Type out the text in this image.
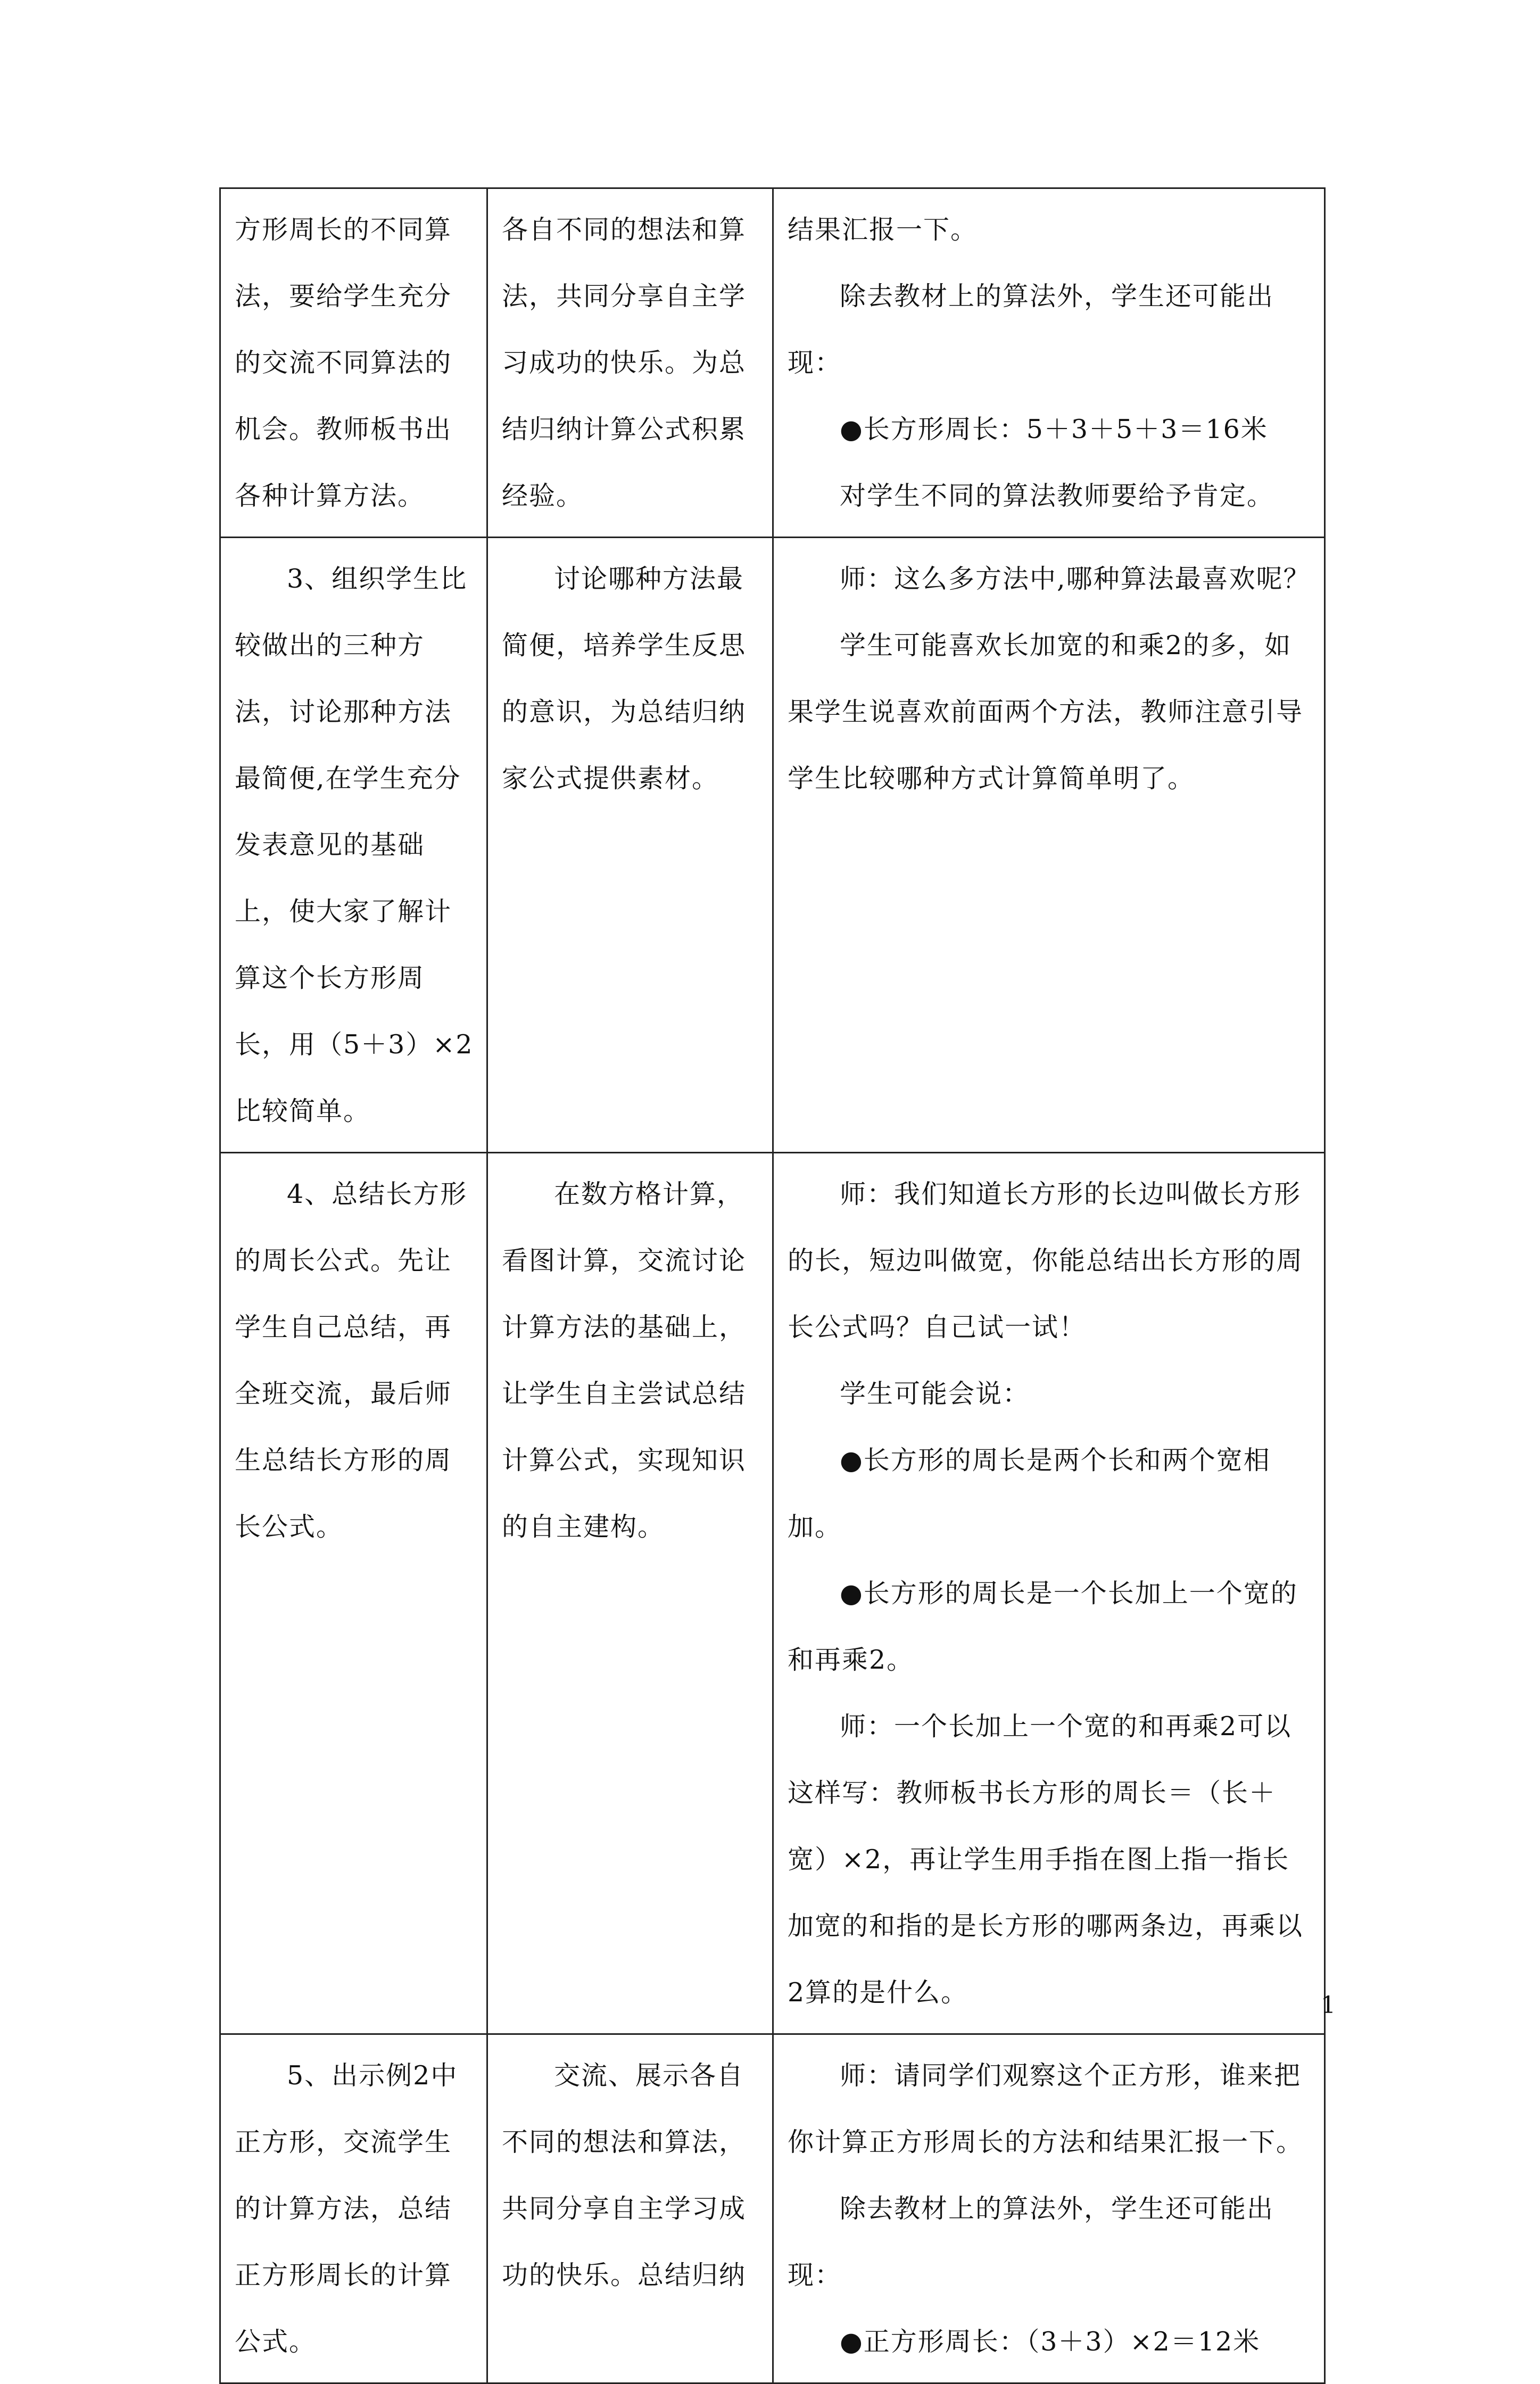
方形周长的不同算法，要给学生充分的交流不同算法的机会。教师板书出各种计算方法。	各自不同的想法和算法，共同分享自主学习成功的快乐。为总结归纳计算公式积累经验。	结果汇报一下。
除去教材上的算法外，学生还可能出现：
●长方形周长：5＋3＋5＋3＝16米
对学生不同的算法教师要给予肯定。

3、组织学生比较做出的三种方法，讨论那种方法最简便,在学生充分发表意见的基础上，使大家了解计算这个长方形周长，用（5＋3）×2比较简单。	讨论哪种方法最简便，培养学生反思的意识，为总结归纳家公式提供素材。	师：这么多方法中,哪种算法最喜欢呢？
学生可能喜欢长加宽的和乘2的多，如果学生说喜欢前面两个方法，教师注意引导学生比较哪种方式计算简单明了。

4、总结长方形的周长公式。先让学生自己总结，再全班交流，最后师生总结长方形的周长公式。	在数方格计算，看图计算，交流讨论计算方法的基础上，让学生自主尝试总结计算公式，实现知识的自主建构。	师：我们知道长方形的长边叫做长方形的长，短边叫做宽，你能总结出长方形的周长公式吗？自己试一试！
学生可能会说：
●长方形的周长是两个长和两个宽相加。
●长方形的周长是一个长加上一个宽的和再乘2。
师：一个长加上一个宽的和再乘2可以这样写：教师板书长方形的周长＝（长＋宽）×2，再让学生用手指在图上指一指长加宽的和指的是长方形的哪两条边，再乘以2算的是什么。

5、出示例2中正方形，交流学生的计算方法，总结正方形周长的计算公式。	交流、展示各自不同的想法和算法，共同分享自主学习成功的快乐。总结归纳	师：请同学们观察这个正方形，谁来把你计算正方形周长的方法和结果汇报一下。
除去教材上的算法外，学生还可能出现：
●正方形周长：（3＋3）×2＝12米
1
